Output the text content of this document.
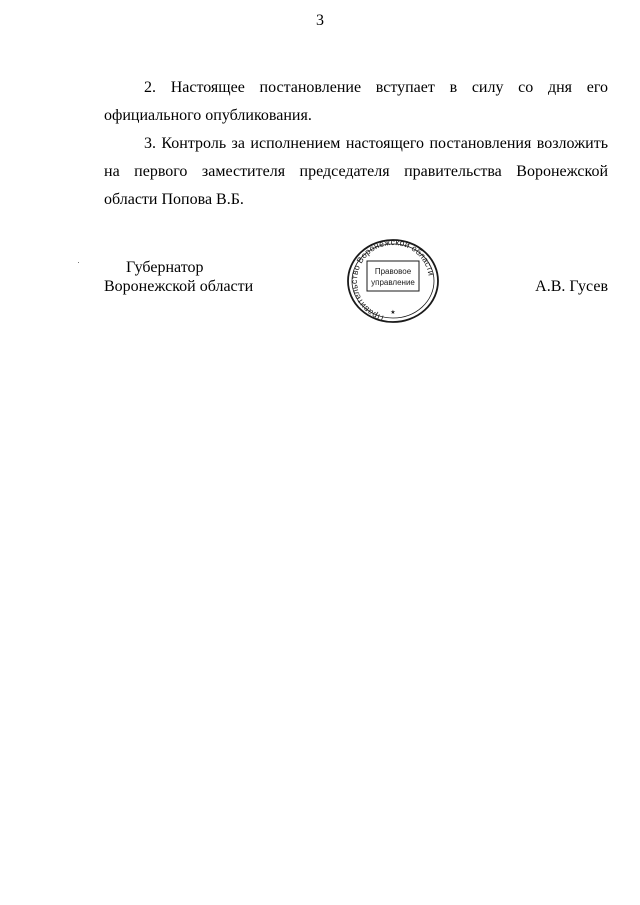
3
2. Настоящее постановление вступает в силу со дня его официального опубликования.
3. Контроль за исполнением настоящего постановления возложить на первого заместителя председателя правительства Воронежской области Попова В.Б.
Губернатор
Воронежской области
Правительство Воронежской области
Правовое
управление
★
А.В. Гусев
